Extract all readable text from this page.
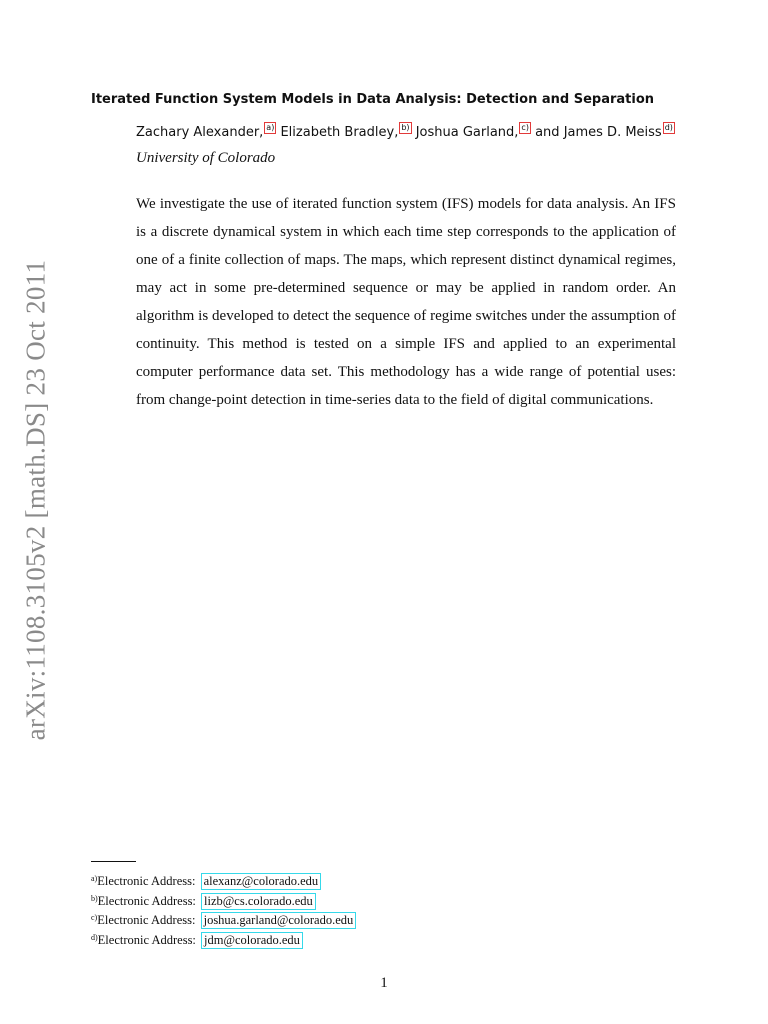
arXiv:1108.3105v2 [math.DS] 23 Oct 2011
Iterated Function System Models in Data Analysis: Detection and Separation
Zachary Alexander, a) Elizabeth Bradley, b) Joshua Garland, c) and James D. Meiss d)
University of Colorado

We investigate the use of iterated function system (IFS) models for data analysis. An IFS is a discrete dynamical system in which each time step corresponds to the application of one of a finite collection of maps. The maps, which represent distinct dynamical regimes, may act in some pre-determined sequence or may be applied in random order. An algorithm is developed to detect the sequence of regime switches under the assumption of continuity. This method is tested on a simple IFS and applied to an experimental computer performance data set. This methodology has a wide range of potential uses: from change-point detection in time-series data to the field of digital communications.

$^{a)}$Electronic Address: alexanz@colorado.edu
$^{b)}$Electronic Address: lizb@cs.colorado.edu
$^{c)}$Electronic Address: joshua.garland@colorado.edu
$^{d)}$Electronic Address: jdm@colorado.edu
1
